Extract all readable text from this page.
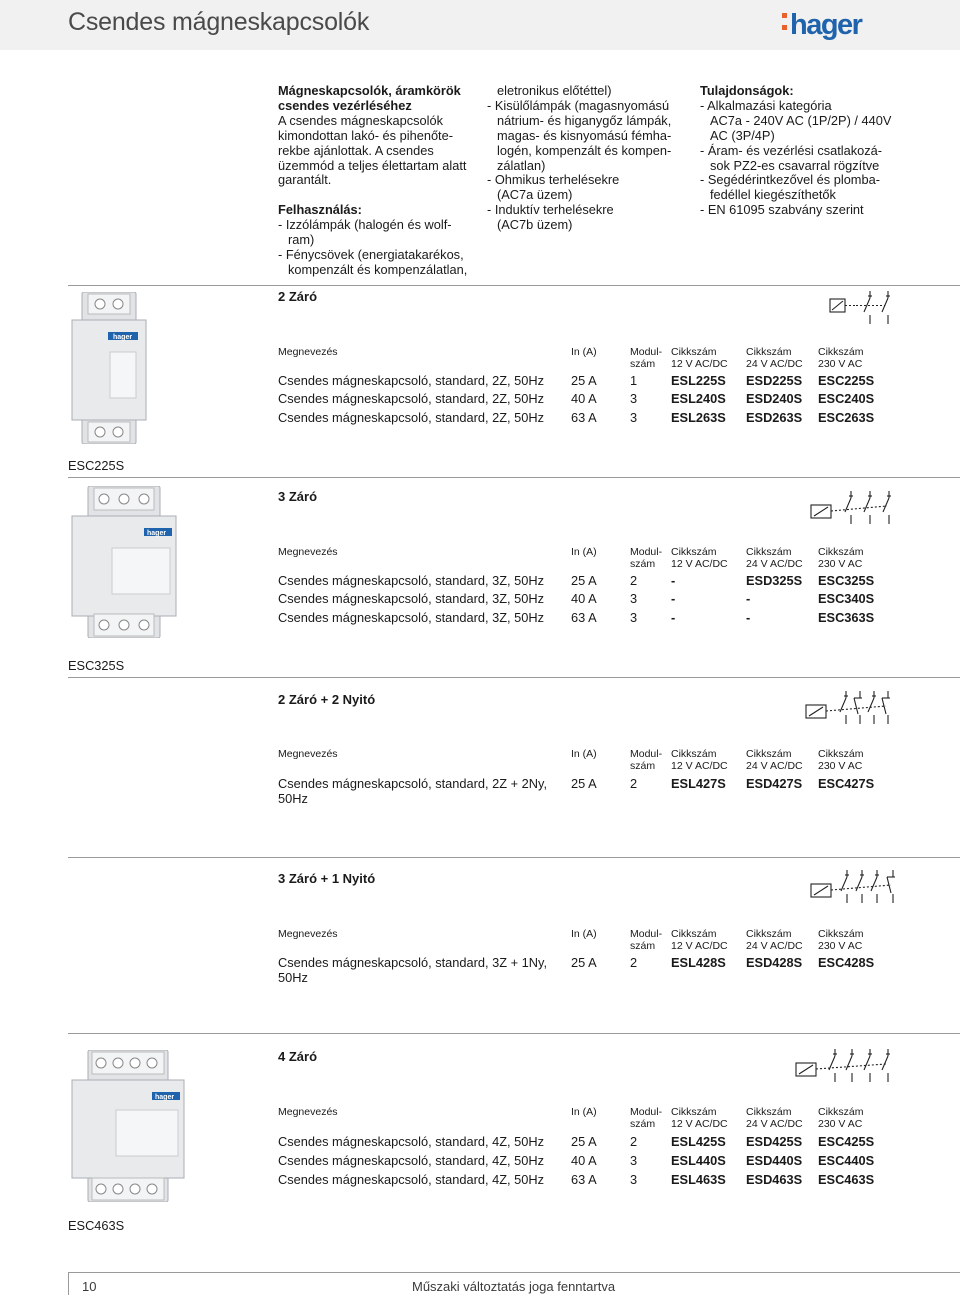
Csendes mágneskapcsolók	hager
Mágneskapcsolók, áramkörök
csendes vezérléséhez
A csendes mágneskapcsolók
kimondottan lakó- és pihenőte-
rekbe ajánlottak. A csendes
üzemmód a teljes élettartam alatt
garantált.

Felhasználás:
- Izzólámpák (halogén és wolf-
ram)
- Fénycsövek (energiatakarékos,
kompenzált és kompenzálatlan,
eletronikus előtéttel)
- Kisülőlámpák (magasnyomású
nátrium- és higanygőz lámpák,
magas- és kisnyomású fémha-
logén, kompenzált és kompen-
zálatlan)
- Ohmikus terhelésekre
(AC7a üzem)
- Induktív terhelésekre
(AC7b üzem)
Tulajdonságok:
- Alkalmazási kategória
AC7a - 240V AC (1P/2P) / 440V
AC (3P/4P)
- Áram- és vezérlési csatlakozá-
sok PZ2-es csavarral rögzítve
- Segédérintkezővel és plomba-
fedéllel kiegészíthetők
- EN 61095 szabvány szerint
hager
hager
hager
ESC225S
ESC325S
ESC463S
2 Záró
3 Záró
2 Záró + 2 Nyitó
3 Záró + 1 Nyitó
4 Záró
Megnevezés	In (A)	Modul-
szám
Cikkszám
12 V AC/DC
Cikkszám
24 V AC/DC
Cikkszám
230 V AC
Megnevezés	In (A)	Modul-
szám
Cikkszám
12 V AC/DC
Cikkszám
24 V AC/DC
Cikkszám
230 V AC
Megnevezés	In (A)	Modul-
szám
Cikkszám
12 V AC/DC
Cikkszám
24 V AC/DC
Cikkszám
230 V AC
Megnevezés	In (A)	Modul-
szám
Cikkszám
12 V AC/DC
Cikkszám
24 V AC/DC
Cikkszám
230 V AC
Megnevezés	In (A)	Modul-
szám
Cikkszám
12 V AC/DC
Cikkszám
24 V AC/DC
Cikkszám
230 V AC
Csendes mágneskapcsoló, standard, 2Z, 50Hz 25 A	1	ESL225S ESD225S ESC225S
Csendes mágneskapcsoló, standard, 2Z, 50Hz 40 A	3	ESL240S ESD240S ESC240S
Csendes mágneskapcsoló, standard, 2Z, 50Hz 63 A	3	ESL263S ESD263S ESC263S
Csendes mágneskapcsoló, standard, 3Z, 50Hz 25 A	2	-	ESD325S ESC325S
Csendes mágneskapcsoló, standard, 3Z, 50Hz 40 A	3	-	-	ESC340S
Csendes mágneskapcsoló, standard, 3Z, 50Hz 63 A	3	-	-	ESC363S
Csendes mágneskapcsoló, standard, 2Z + 2Ny,
50Hz
25 A	2	ESL427S ESD427S ESC427S
Csendes mágneskapcsoló, standard, 3Z + 1Ny,
50Hz
25 A	2	ESL428S ESD428S ESC428S
Csendes mágneskapcsoló, standard, 4Z, 50Hz 25 A	2	ESL425S ESD425S ESC425S
Csendes mágneskapcsoló, standard, 4Z, 50Hz 40 A	3	ESL440S ESD440S ESC440S
Csendes mágneskapcsoló, standard, 4Z, 50Hz 63 A	3	ESL463S ESD463S ESC463S
10	Műszaki változtatás joga fenntartva
